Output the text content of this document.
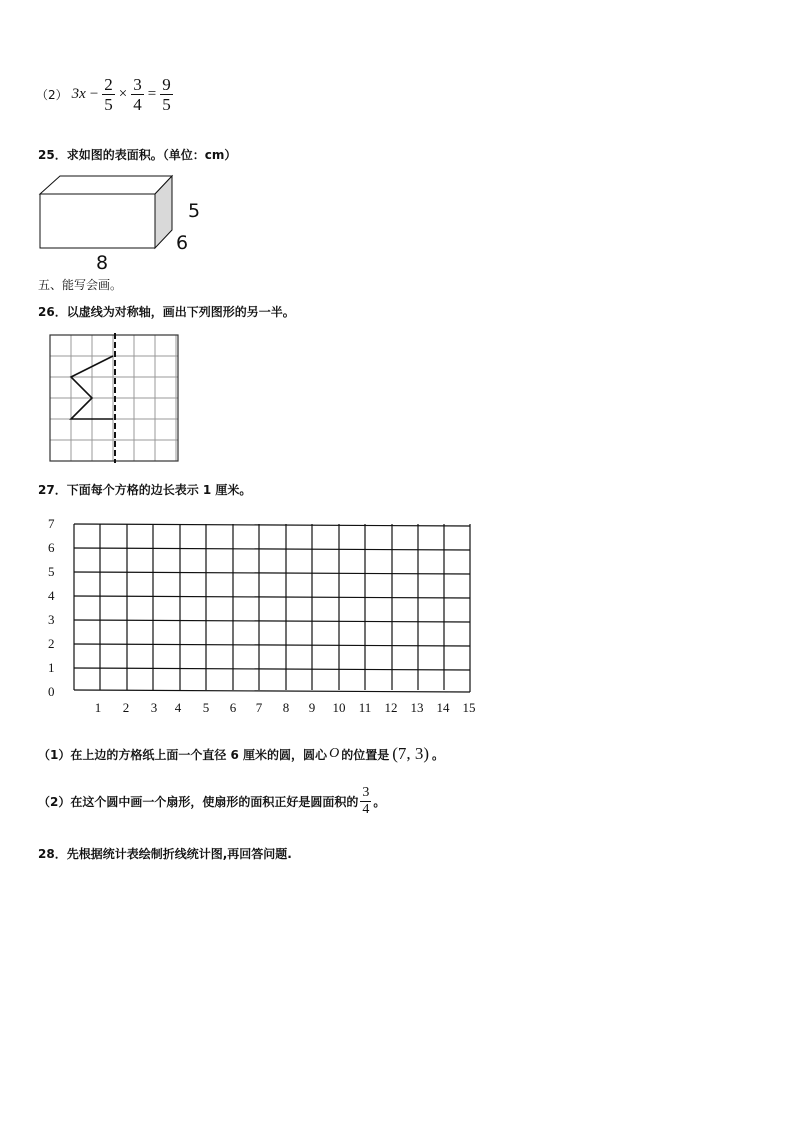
（2） $3x - \frac{2}{5} \times \frac{3}{4} = \frac{9}{5}$
25．求如图的表面积。（单位：cm）
5
6
8
五、能写会画。
26．以虚线为对称轴，画出下列图形的另一半。
27．下面每个方格的边长表示 1 厘米。
7
6
5
4
3
2
1
0
1	2	3	4	5	6	7	8	9	10 11 12 13 14 15
（1）在上边的方格纸上面一个直径 6 厘米的圆，圆心 O 的位置是 (7, 3) 。
（2）在这个圆中画一个扇形，使扇形的面积正好是圆面积的 $\frac{3}{4}$ 。
28．先根据统计表绘制折线统计图,再回答问题.
